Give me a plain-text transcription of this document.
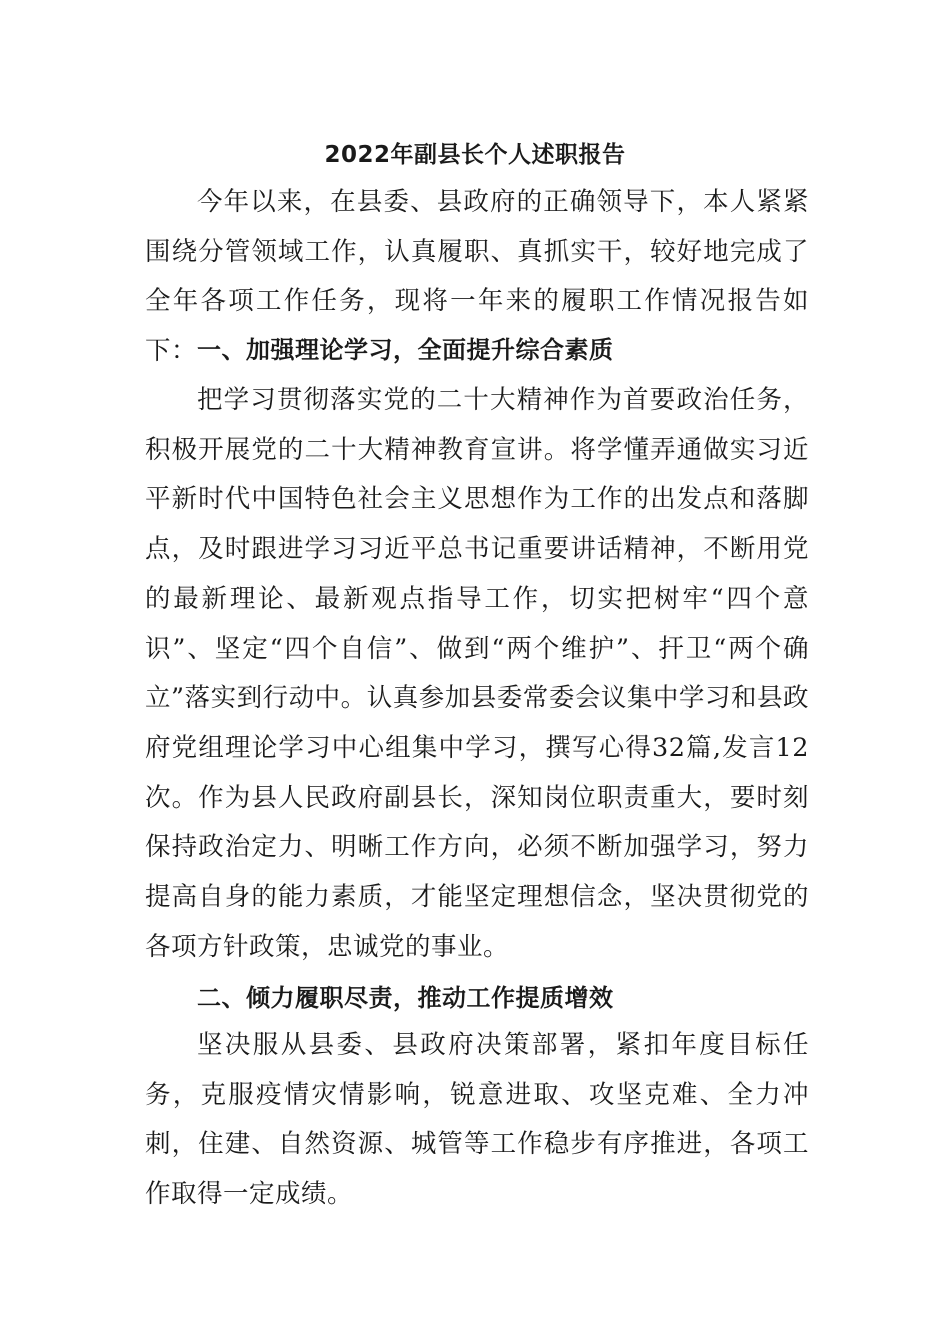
2022年副县长个人述职报告

今年以来，在县委、县政府的正确领导下，本人紧紧围绕分管领域工作，认真履职、真抓实干，较好地完成了全年各项工作任务，现将一年来的履职工作情况报告如下： 一、加强理论学习，全面提升综合素质

把学习贯彻落实党的二十大精神作为首要政治任务，积极开展党的二十大精神教育宣讲。将学懂弄通做实习近平新时代中国特色社会主义思想作为工作的出发点和落脚点，及时跟进学习习近平总书记重要讲话精神，不断用党的最新理论、最新观点指导工作，切实把树牢“四个意识”、坚定“四个自信”、做到“两个维护”、扞卫“两个确立”落实到行动中。认真参加县委常委会议集中学习和县政府党组理论学习中心组集中学习，撰写心得32篇,发言12次。作为县人民政府副县长，深知岗位职责重大，要时刻保持政治定力、明晰工作方向，必须不断加强学习，努力提高自身的能力素质，才能坚定理想信念，坚决贯彻党的各项方针政策，忠诚党的事业。

二、倾力履职尽责，推动工作提质增效

坚决服从县委、县政府决策部署，紧扣年度目标任务，克服疫情灾情影响，锐意进取、攻坚克难、全力冲刺，住建、自然资源、城管等工作稳步有序推进，各项工作取得一定成绩。
